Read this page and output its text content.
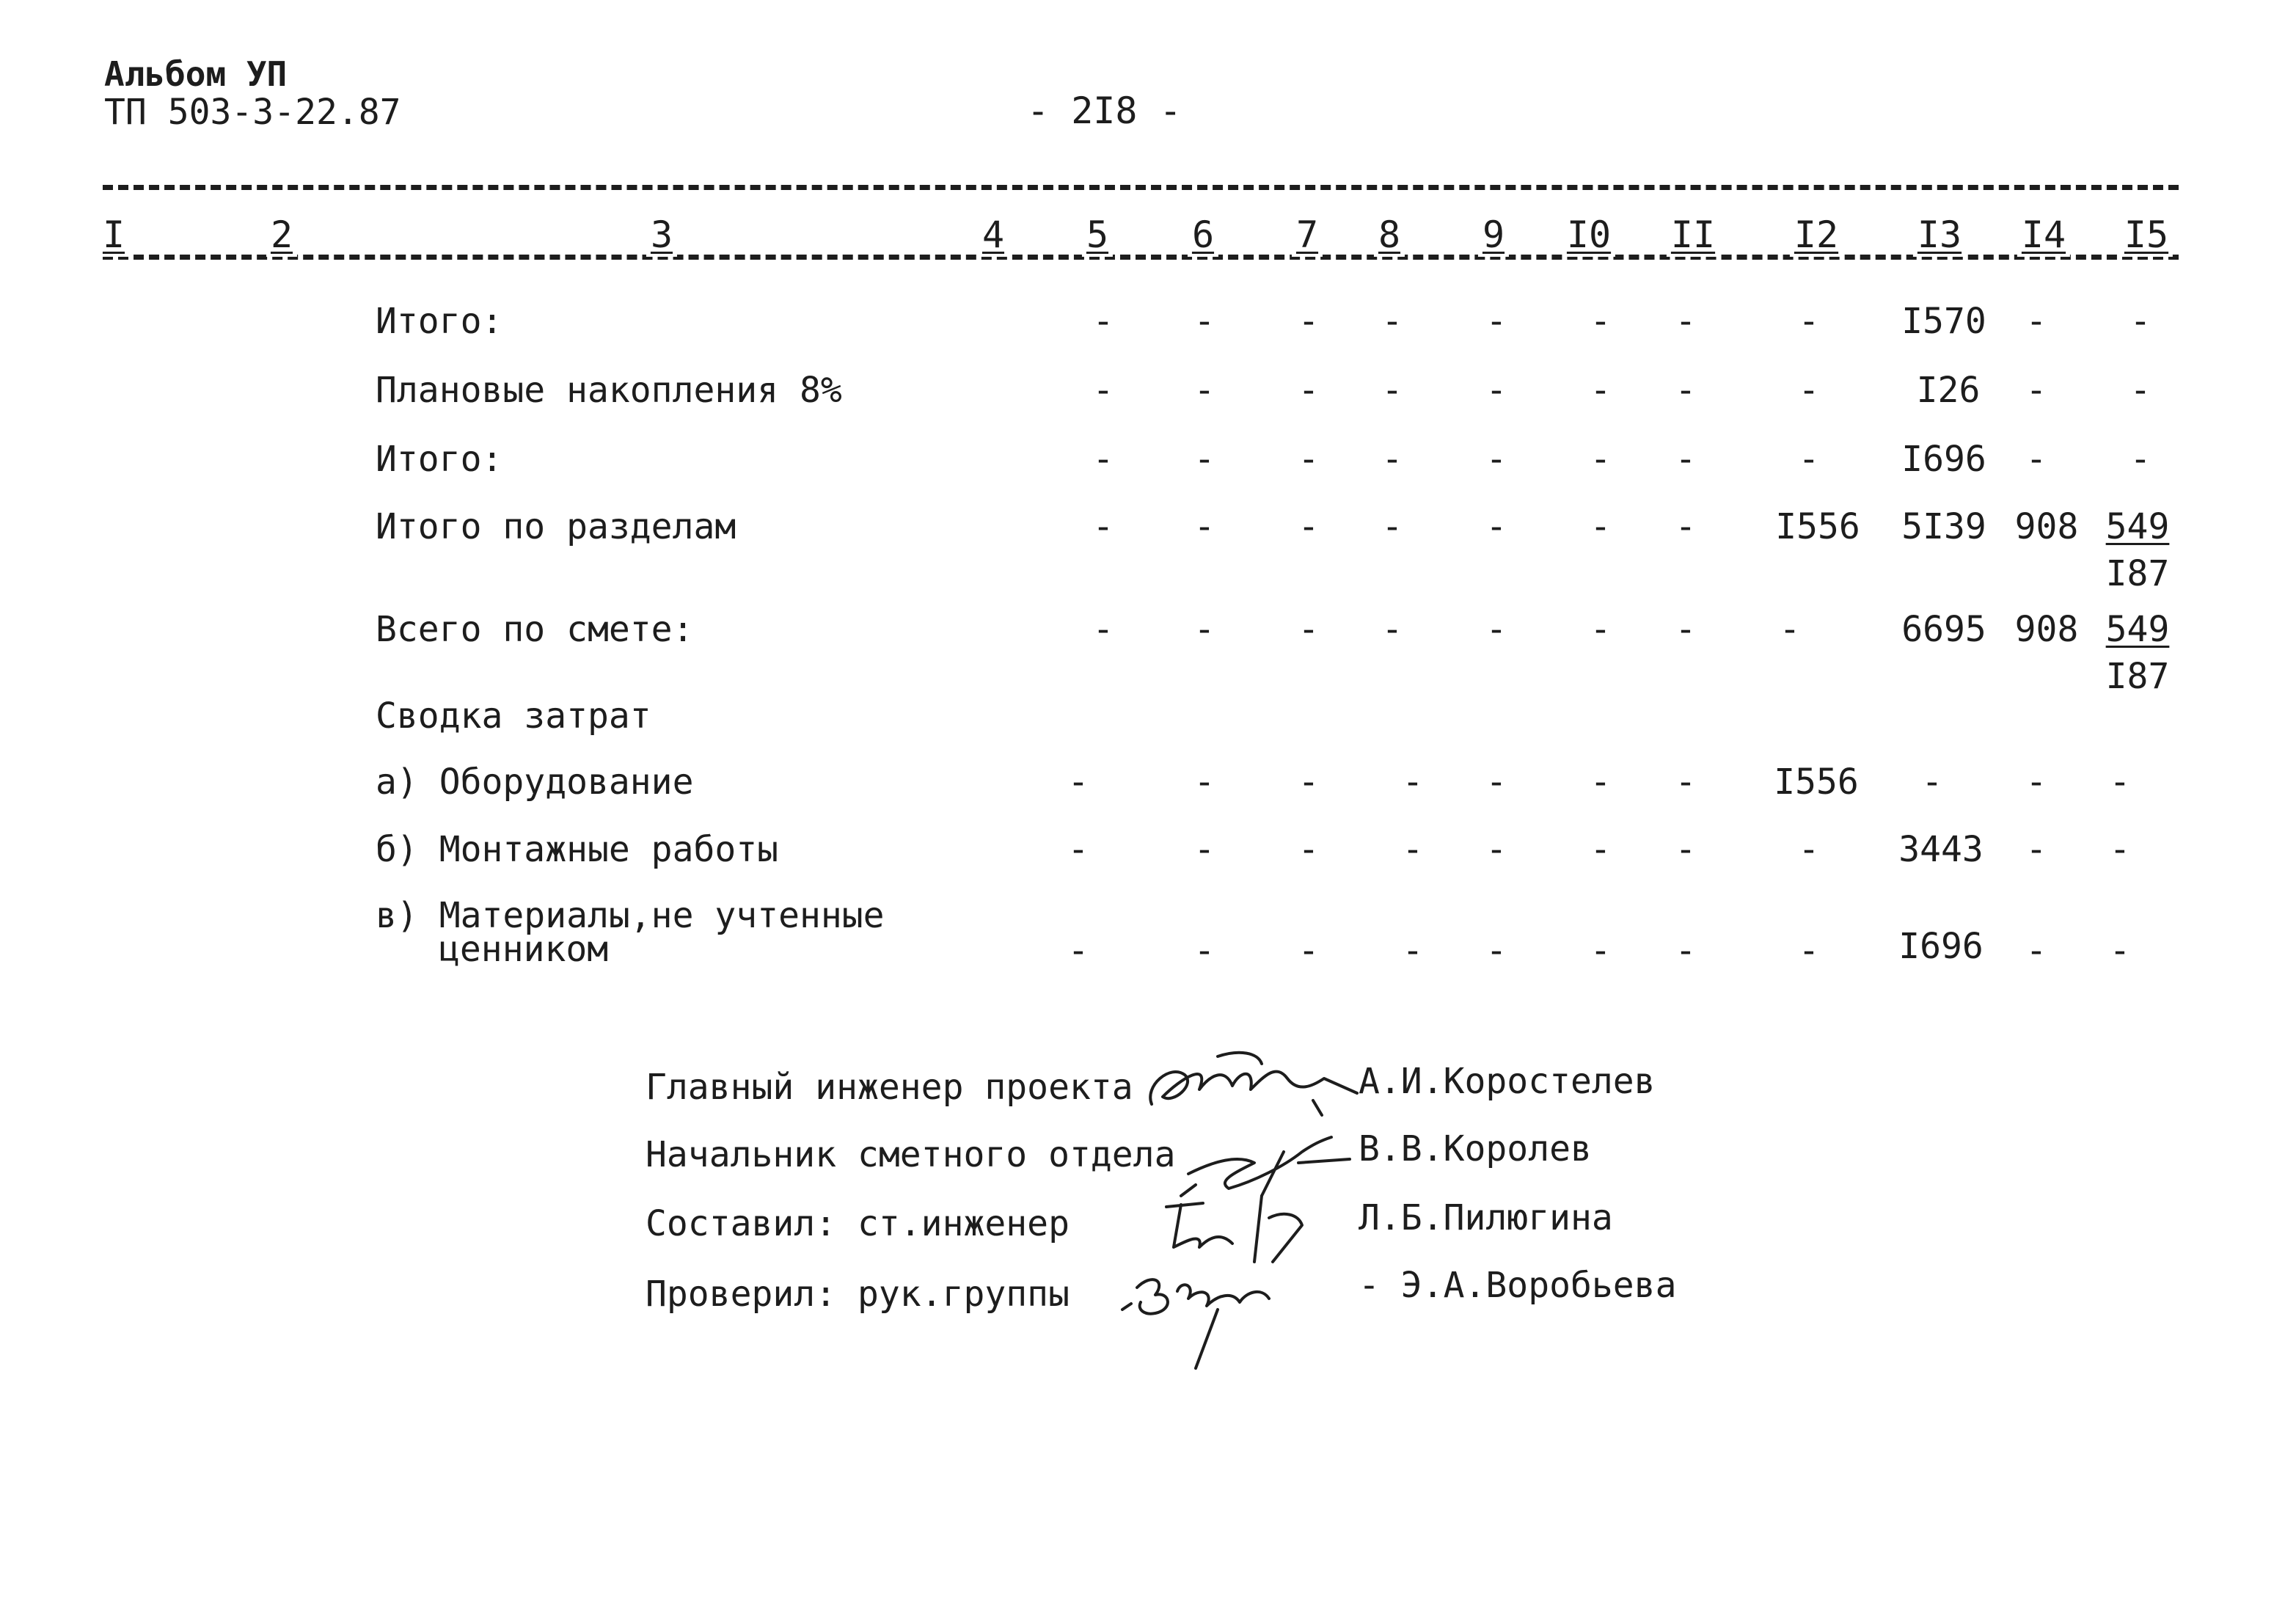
Альбом УП
ТП 503-3-22.87	- 2I8 -
I	2	3	4 5 6 7 8 9 I0 II I2 I3 I4 I5
Итого:	- - - - - - -	- I570 - -
Плановые накопления 8%	- - - - - - -	-	I26 - -
Итого:	- - - - - - -	- I696 - -
Итого по разделам	- - - - - - - I556 5I39 908 549
I87
Всего по смете:	- - - - - - - -	6695 908 549
I87
Сводка затрат
а) Оборудование	-	- - - - - - I556 - - -
б) Монтажные работы	-	- - - - - -	- 3443 - -
в) Материалы,не учтенные
ценником	-	- - - - - -	- I696 - -
Главный инженер проекта	А.И.Коростелев
Начальник сметного отдела	В.В.Королев
Составил: ст.инженер	Л.Б.Пилюгина
Проверил: рук.группы	- Э.А.Воробьева
